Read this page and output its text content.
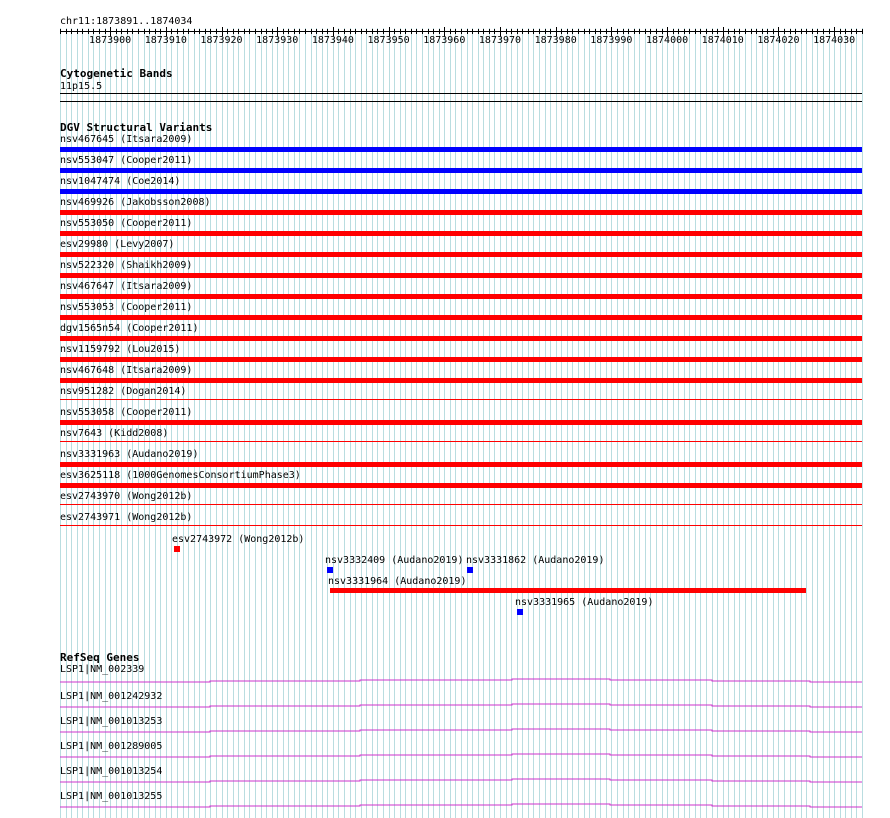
chr11:1873891..1874034
1873900 1873910 1873920 1873930 1873940 1873950 1873960 1873970 1873980 1873990 1874000 1874010 1874020 1874030
Cytogenetic Bands
11p15.5
DGV Structural Variants
nsv467645 (Itsara2009)
nsv553047 (Cooper2011)
nsv1047474 (Coe2014)
nsv469926 (Jakobsson2008)
nsv553050 (Cooper2011)
esv29980 (Levy2007)
nsv522320 (Shaikh2009)
nsv467647 (Itsara2009)
nsv553053 (Cooper2011)
dgv1565n54 (Cooper2011)
nsv1159792 (Lou2015)
nsv467648 (Itsara2009)
nsv951282 (Dogan2014)
nsv553058 (Cooper2011)
nsv7643 (Kidd2008)
nsv3331963 (Audano2019)
esv3625118 (1000GenomesConsortiumPhase3)
esv2743970 (Wong2012b)
esv2743971 (Wong2012b)
esv2743972 (Wong2012b)
nsv3332409 (Audano2019) nsv3331862 (Audano2019)
nsv3331964 (Audano2019)
nsv3331965 (Audano2019)
RefSeq Genes
LSP1|NM_002339
LSP1|NM_001242932
LSP1|NM_001013253
LSP1|NM_001289005
LSP1|NM_001013254
LSP1|NM_001013255
